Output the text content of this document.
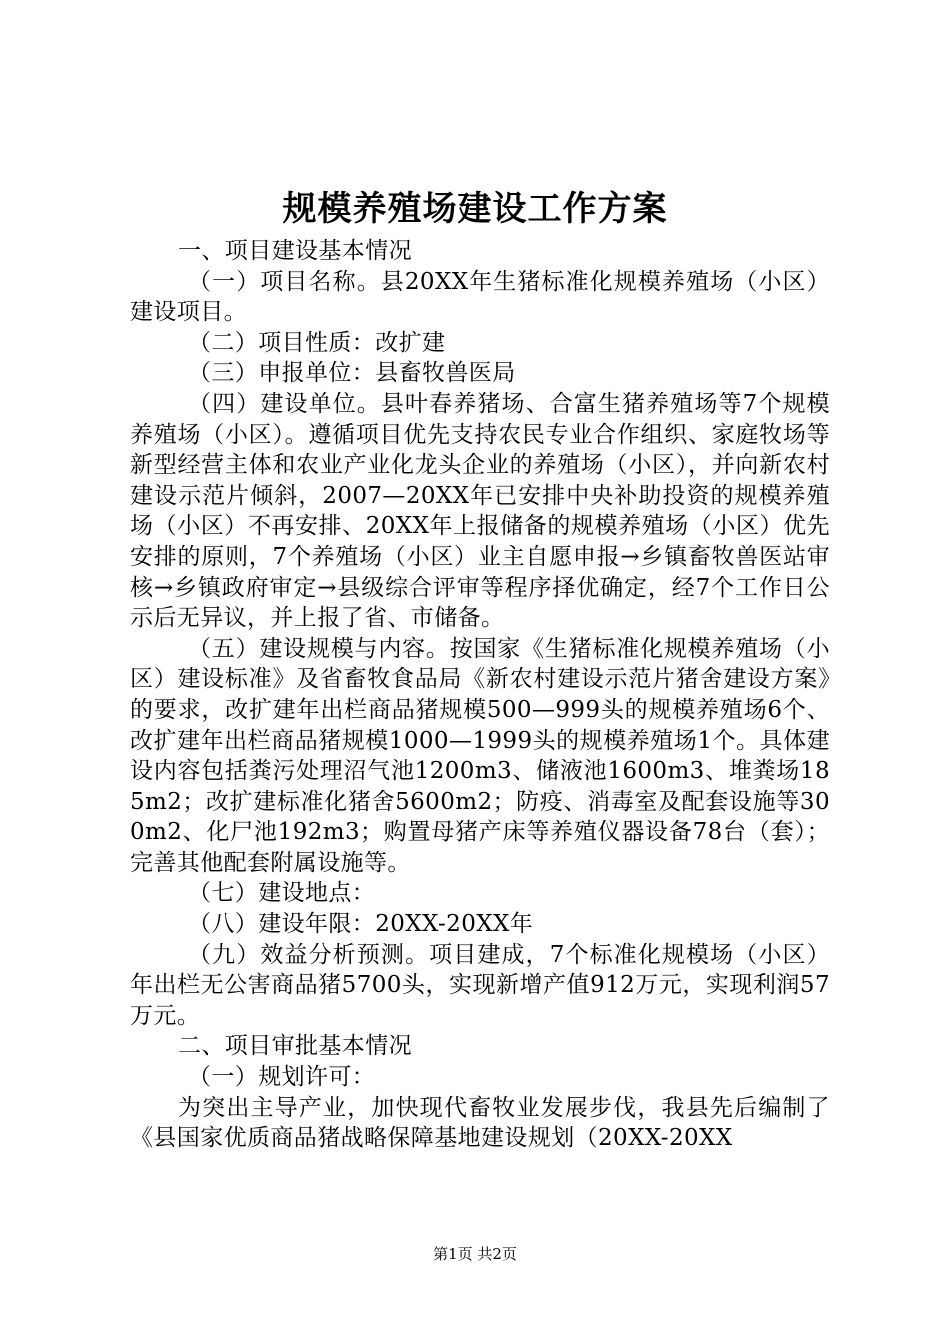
规模养殖场建设工作方案

一、项目建设基本情况

（一）项目名称。县20XX年生猪标准化规模养殖场（小区）建设项目。

（二）项目性质：改扩建

（三）申报单位：县畜牧兽医局

（四）建设单位。县叶春养猪场、合富生猪养殖场等7个规模养殖场（小区）。遵循项目优先支持农民专业合作组织、家庭牧场等新型经营主体和农业产业化龙头企业的养殖场（小区），并向新农村建设示范片倾斜，2007—20XX年已安排中央补助投资的规模养殖场（小区）不再安排、20XX年上报储备的规模养殖场（小区）优先安排的原则，7个养殖场（小区）业主自愿申报→乡镇畜牧兽医站审核→乡镇政府审定→县级综合评审等程序择优确定，经7个工作日公示后无异议，并上报了省、市储备。

（五）建设规模与内容。按国家《生猪标准化规模养殖场（小区）建设标准》及省畜牧食品局《新农村建设示范片猪舍建设方案》的要求，改扩建年出栏商品猪规模500—999头的规模养殖场6个、改扩建年出栏商品猪规模1000—1999头的规模养殖场1个。具体建设内容包括粪污处理沼气池1200m3、储液池1600m3、堆粪场185m2；改扩建标准化猪舍5600m2；防疫、消毒室及配套设施等300m2、化尸池192m3；购置母猪产床等养殖仪器设备78台（套）；完善其他配套附属设施等。

（七）建设地点：

（八）建设年限：20XX-20XX年

（九）效益分析预测。项目建成，7个标准化规模场（小区）年出栏无公害商品猪5700头，实现新增产值912万元，实现利润57万元。

二、项目审批基本情况

（一）规划许可：

为突出主导产业，加快现代畜牧业发展步伐，我县先后编制了《县国家优质商品猪战略保障基地建设规划（20XX-20XX

第1页 共2页
